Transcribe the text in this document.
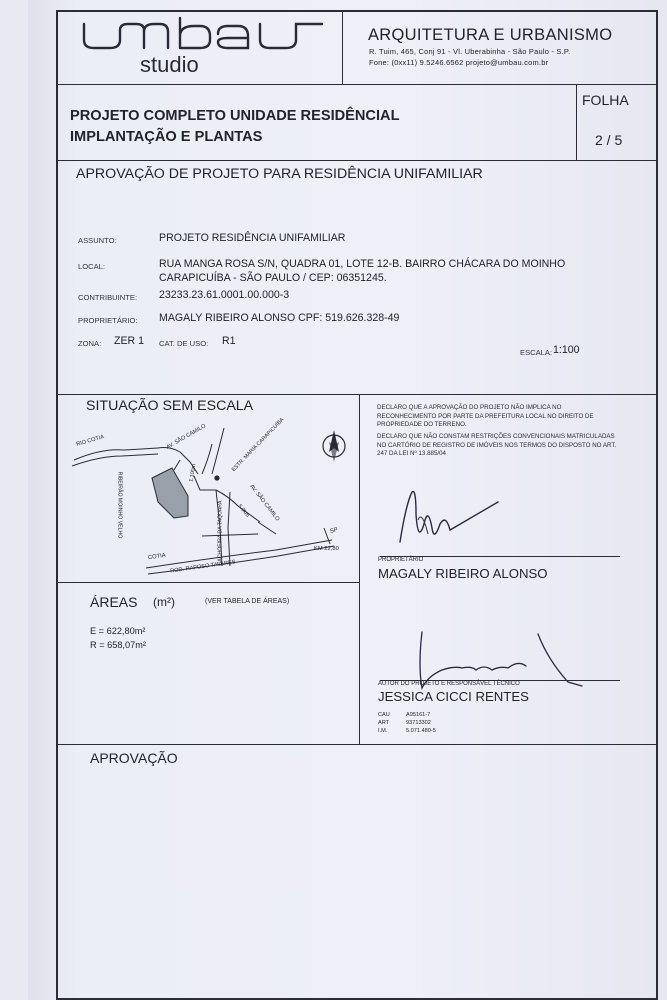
studio
ARQUITETURA E URBANISMO
R. Tuim, 465, Conj 91 - Vl. Uberabinha - São Paulo - S.P.
Fone: (0xx11) 9.5246.6562 projeto@umbau.com.br
PROJETO COMPLETO UNIDADE RESIDÊNCIAL
IMPLANTAÇÃO E PLANTAS
FOLHA
2 / 5
APROVAÇÃO DE PROJETO PARA RESIDÊNCIA UNIFAMILIAR
ASSUNTO:	PROJETO RESIDÊNCIA UNIFAMILIAR
LOCAL:	RUA MANGA ROSA S/N, QUADRA 01, LOTE 12-B. BAIRRO CHÁCARA DO MOINHO
CARAPICUÍBA - SÃO PAULO / CEP: 06351245.
CONTRIBUINTE: 23233.23.61.0001.00.000-3
PROPRIETÁRIO: MAGALY RIBEIRO ALONSO CPF: 519.626.328-49
ZONA: ZER 1 CAT. DE USO: R1
ESCALA: 1:100
SITUAÇÃO SEM ESCALA
RIO COTIA	AV. SÃO CAMILO
1.100m	ESTR. MARIA CARAPICUÍBA
RIBEIRÃO MOINHO VELHO	AV. SÃO CAMILO
5.9km
CACHOEIRA DA TAQUARA	SP
KM 22,80
COTIA
ROD. RAPOSO TAVARES
ÁREAS (m²)	(VER TABELA DE ÁREAS)
E = 622,80m²
R = 658,07m²
DECLARO QUE A APROVAÇÃO DO PROJETO NÃO IMPLICA NO RECONHECIMENTO POR PARTE DA PREFEITURA LOCAL NO DIREITO DE PROPRIEDADE DO TERRENO.
DECLARO QUE NÃO CONSTAM RESTRIÇÕES CONVENCIONAIS MATRICULADAS NO CARTÓRIO DE REGISTRO DE IMÓVEIS NOS TERMOS DO DISPOSTO NO ART. 247 DA LEI Nº 13.885/04
PROPRIETÁRIO
MAGALY RIBEIRO ALONSO
AUTOR DO PROJETO E RESPONSÁVEL TÉCNICO
JESSICA CICCI RENTES
CAU	A95161-7
ART	93713302
I.M.	5.071.480-5
APROVAÇÃO
